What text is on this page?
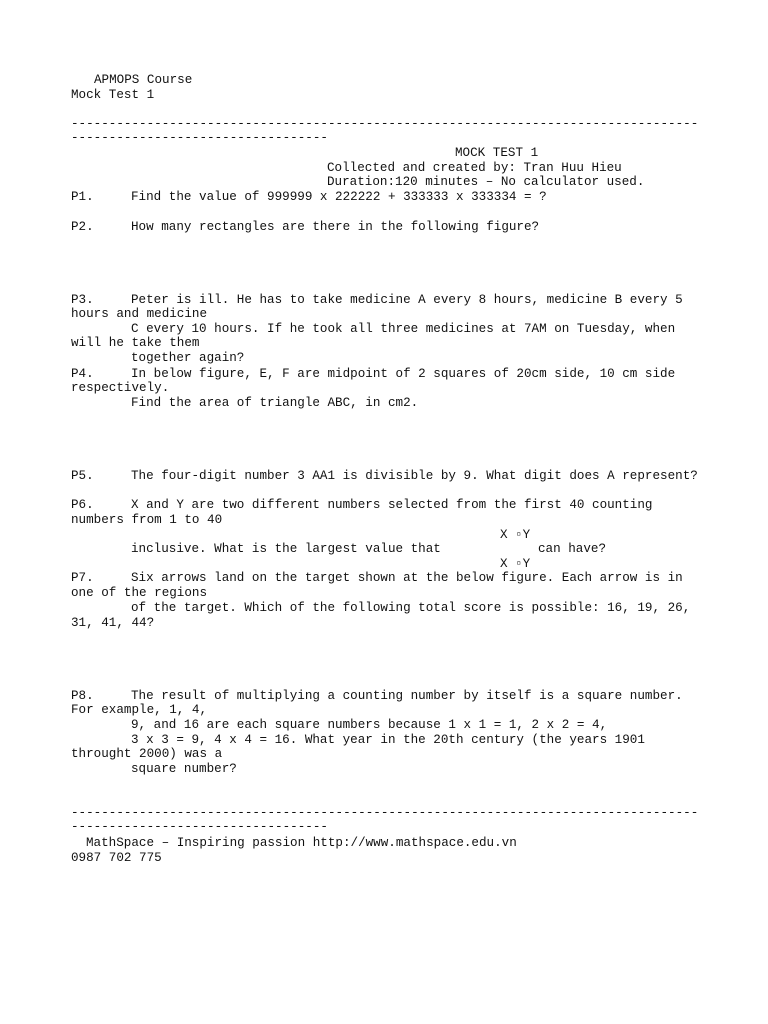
APMOPS Course
Mock Test 1
-----------------------------------------------------------------------------------
----------------------------------
MOCK TEST 1
Collected and created by: Tran Huu Hieu
Duration:120 minutes – No calculator used.
P1.	Find the value of 999999 x 222222 + 333333 x 333334 = ?
P2.	How many rectangles are there in the following figure?
P3.	Peter is ill. He has to take medicine A every 8 hours, medicine B every 5
hours and medicine
C every 10 hours. If he took all three medicines at 7AM on Tuesday, when
will he take them
together again?
P4.	In below figure, E, F are midpoint of 2 squares of 20cm side, 10 cm side
respectively.
Find the area of triangle ABC, in cm2.
P5.	The four-digit number 3 AA1 is divisible by 9. What digit does A represent?
P6.	X and Y are two different numbers selected from the first 40 counting
numbers from 1 to 40
X ▫Y
inclusive. What is the largest value that	can have?
X ▫Y
P7.	Six arrows land on the target shown at the below figure. Each arrow is in
one of the regions
of the target. Which of the following total score is possible: 16, 19, 26,
31, 41, 44?
P8.	The result of multiplying a counting number by itself is a square number.
For example, 1, 4,
9, and 16 are each square numbers because 1 x 1 = 1, 2 x 2 = 4,
3 x 3 = 9, 4 x 4 = 16. What year in the 20th century (the years 1901
throught 2000) was a
square number?
-----------------------------------------------------------------------------------
----------------------------------
MathSpace – Inspiring passion http://www.mathspace.edu.vn
0987 702 775
